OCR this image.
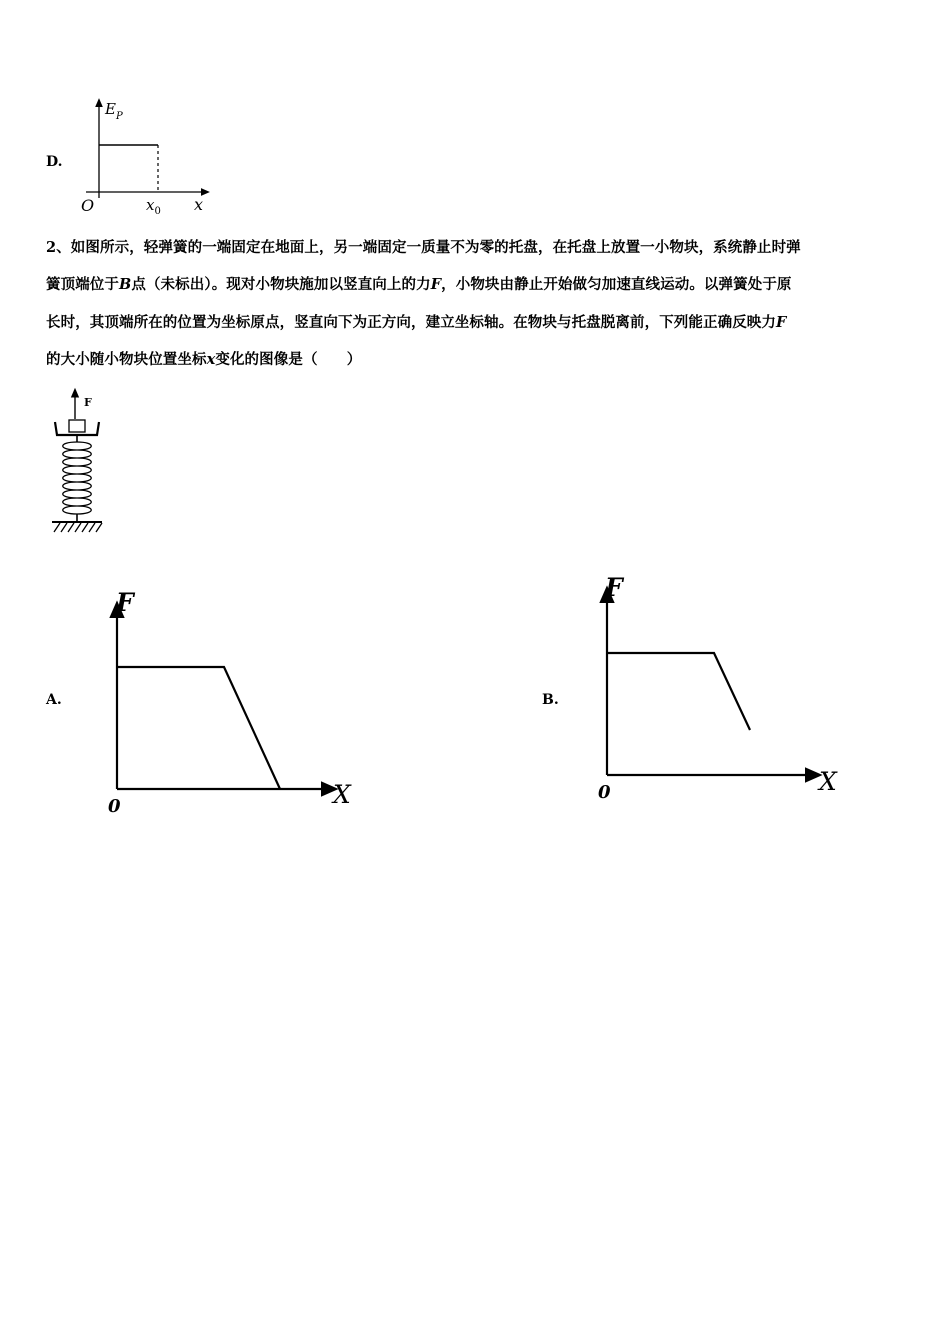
D.
$E_P$
O	$x_0$ x
2、如图所示，轻弹簧的一端固定在地面上，另一端固定一质量不为零的托盘，在托盘上放置一小物块，系统静止时弹
簧顶端位于B点（未标出）。现对小物块施加以竖直向上的力F，小物块由静止开始做匀加速直线运动。以弹簧处于原
长时，其顶端所在的位置为坐标原点，竖直向下为正方向，建立坐标轴。在物块与托盘脱离前，下列能正确反映力F
的大小随小物块位置坐标x变化的图像是（　　）
F
A.
F
X
0
B.
F
X
0
